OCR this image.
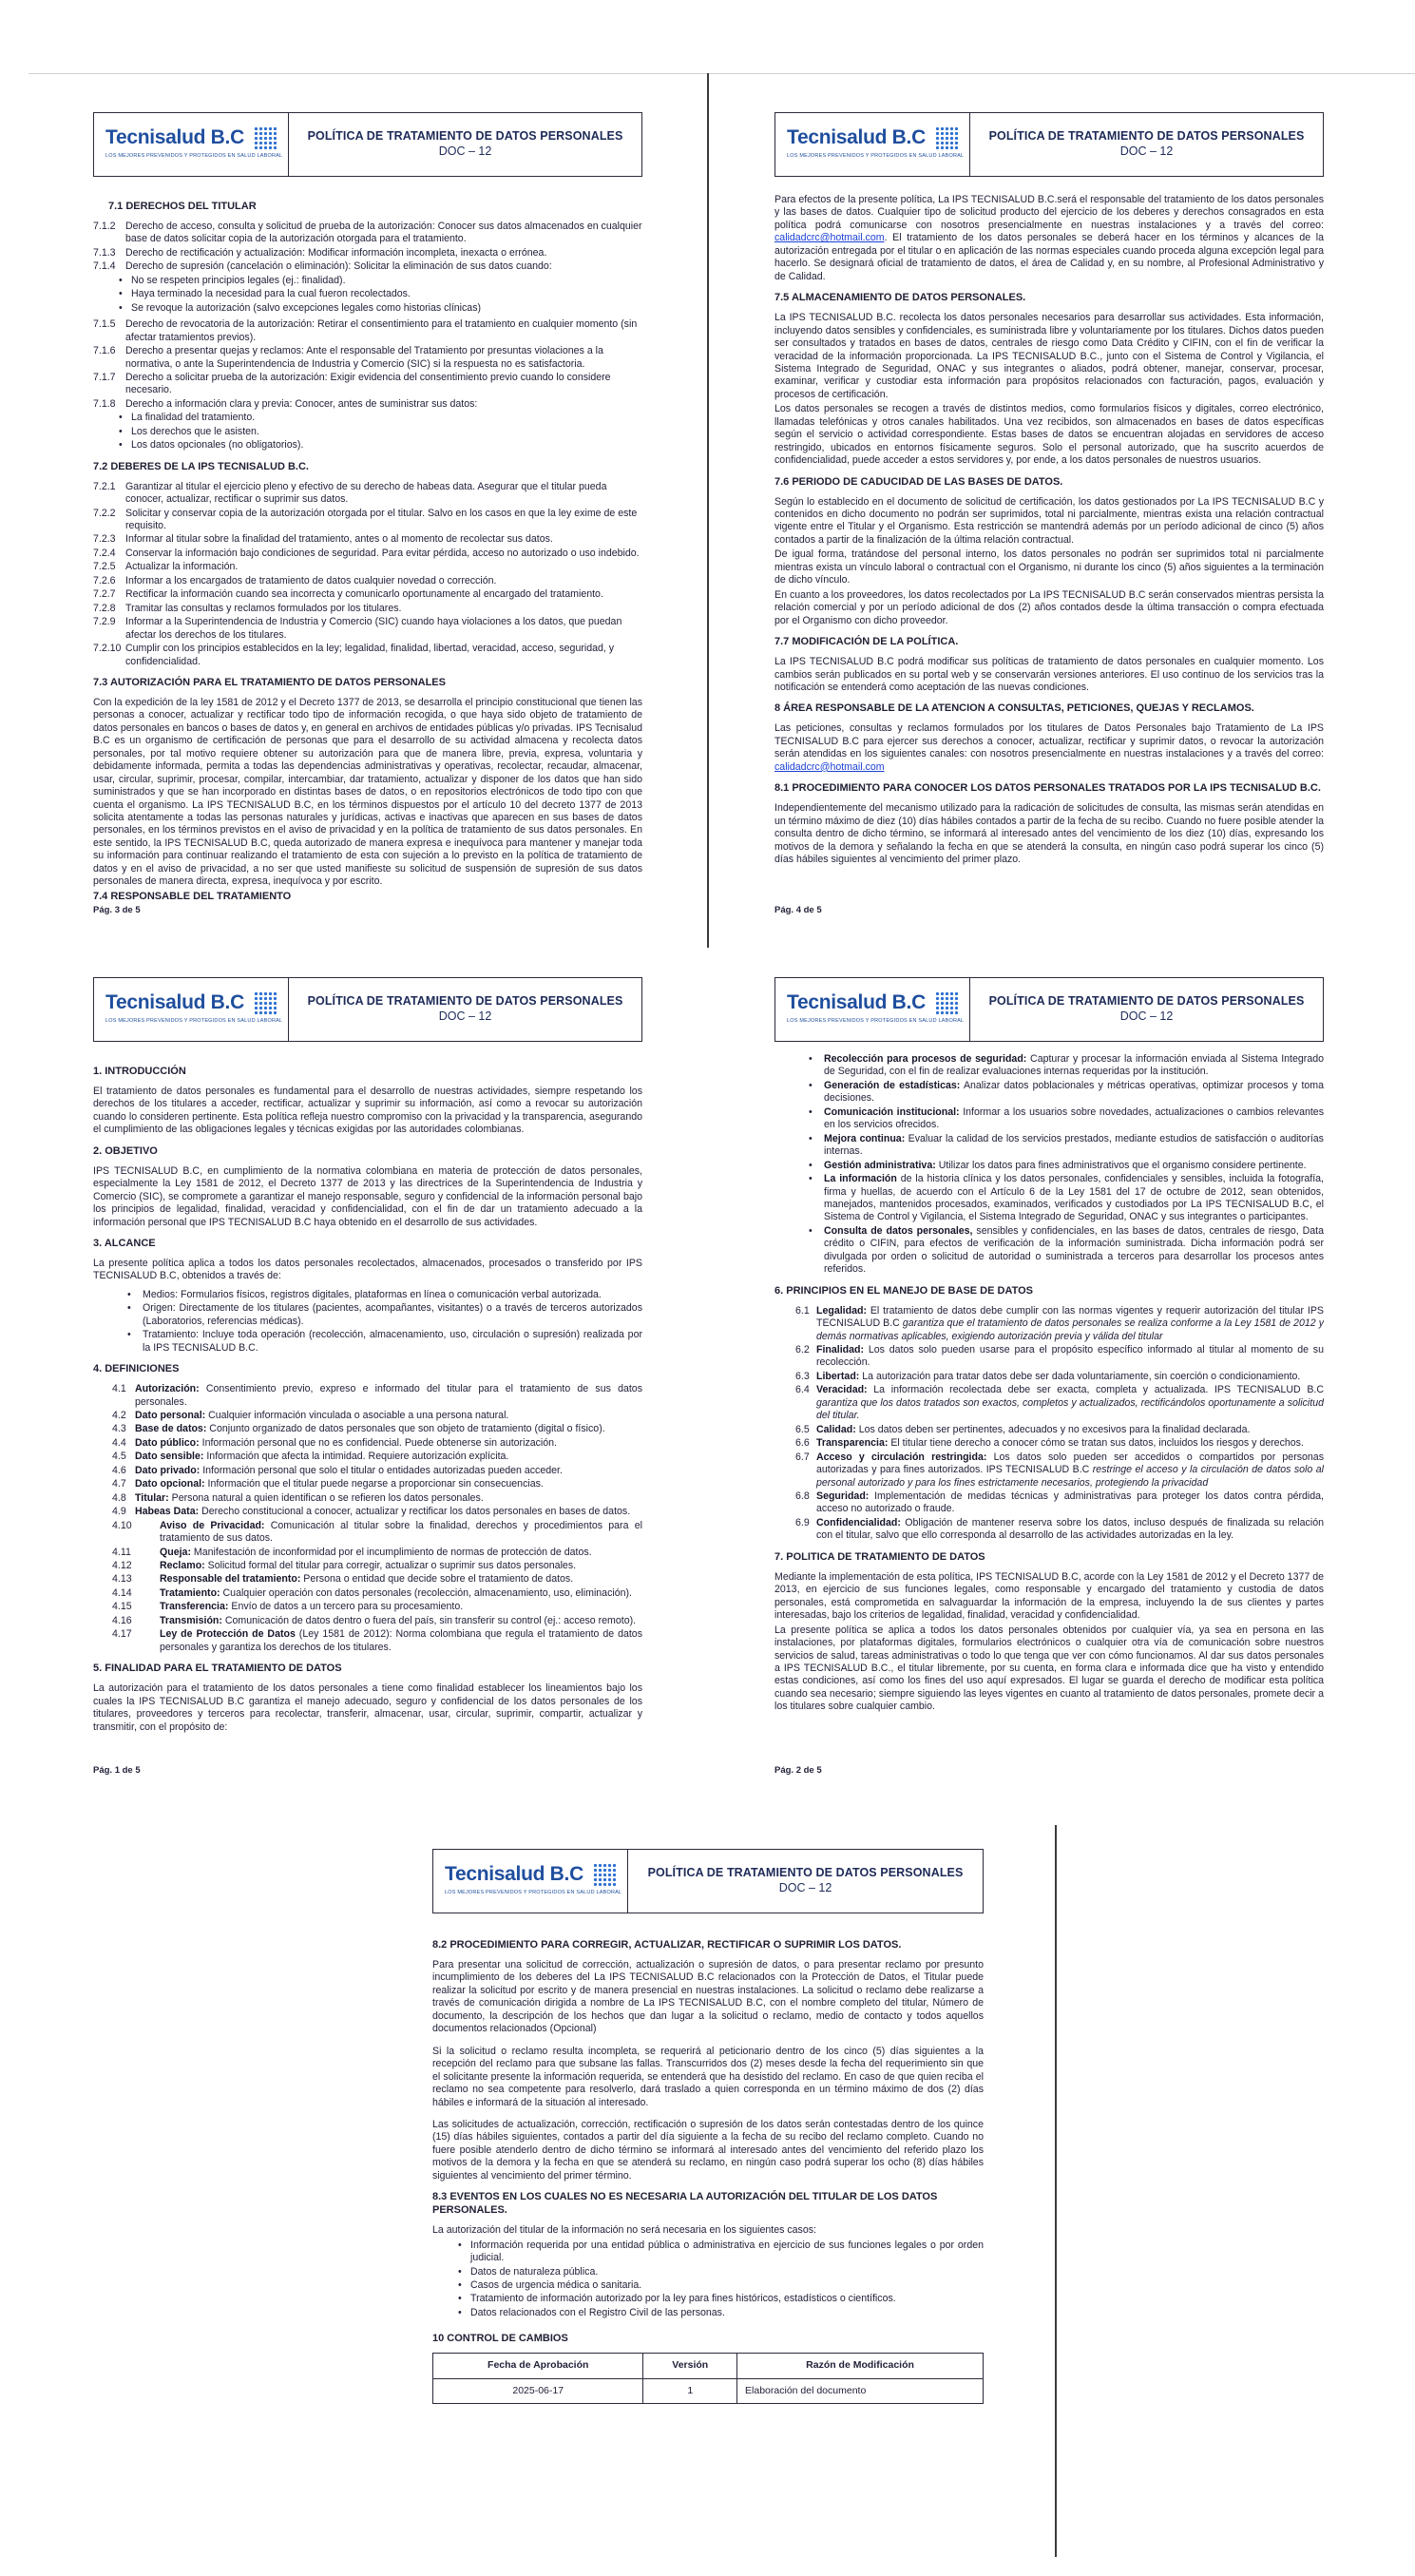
Tecnisalud B.C
LOS MEJORES PREVENIDOS Y PROTEGIDOS EN SALUD LABORAL
POLÍTICA DE TRATAMIENTO DE DATOS PERSONALES
DOC – 12
7.1 DERECHOS DEL TITULAR
7.1.2 Derecho de acceso, consulta y solicitud de prueba de la autorización: Conocer sus datos almacenados en cualquier base de datos solicitar copia de la autorización otorgada para el tratamiento.
7.1.3 Derecho de rectificación y actualización: Modificar información incompleta, inexacta o errónea.
7.1.4 Derecho de supresión (cancelación o eliminación): Solicitar la eliminación de sus datos cuando:
• No se respeten principios legales (ej.: finalidad).
• Haya terminado la necesidad para la cual fueron recolectados.
• Se revoque la autorización (salvo excepciones legales como historias clínicas)
7.1.5 Derecho de revocatoria de la autorización: Retirar el consentimiento para el tratamiento en cualquier momento (sin afectar tratamientos previos).
7.1.6 Derecho a presentar quejas y reclamos: Ante el responsable del Tratamiento por presuntas violaciones a la normativa, o ante la Superintendencia de Industria y Comercio (SIC) si la respuesta no es satisfactoria.
7.1.7 Derecho a solicitar prueba de la autorización: Exigir evidencia del consentimiento previo cuando lo considere necesario.
7.1.8 Derecho a información clara y previa: Conocer, antes de suministrar sus datos:
• La finalidad del tratamiento.
• Los derechos que le asisten.
• Los datos opcionales (no obligatorios).
7.2 DEBERES DE LA IPS TECNISALUD B.C.
7.2.1 Garantizar al titular el ejercicio pleno y efectivo de su derecho de habeas data. Asegurar que el titular pueda conocer, actualizar, rectificar o suprimir sus datos.
7.2.2 Solicitar y conservar copia de la autorización otorgada por el titular. Salvo en los casos en que la ley exime de este requisito.
7.2.3 Informar al titular sobre la finalidad del tratamiento, antes o al momento de recolectar sus datos.
7.2.4 Conservar la información bajo condiciones de seguridad. Para evitar pérdida, acceso no autorizado o uso indebido.
7.2.5 Actualizar la información.
7.2.6 Informar a los encargados de tratamiento de datos cualquier novedad o corrección.
7.2.7 Rectificar la información cuando sea incorrecta y comunicarlo oportunamente al encargado del tratamiento.
7.2.8 Tramitar las consultas y reclamos formulados por los titulares.
7.2.9 Informar a la Superintendencia de Industria y Comercio (SIC) cuando haya violaciones a los datos, que puedan afectar los derechos de los titulares.
7.2.10 Cumplir con los principios establecidos en la ley; legalidad, finalidad, libertad, veracidad, acceso, seguridad, y confidencialidad.
7.3 AUTORIZACIÓN PARA EL TRATAMIENTO DE DATOS PERSONALES
Con la expedición de la ley 1581 de 2012 y el Decreto 1377 de 2013, se desarrolla el principio constitucional que tienen las personas a conocer, actualizar y rectificar todo tipo de información recogida, o que haya sido objeto de tratamiento de datos personales en bancos o bases de datos y, en general en archivos de entidades públicas y/o privadas. IPS Tecnisalud B.C es un organismo de certificación de personas que para el desarrollo de su actividad almacena y recolecta datos personales, por tal motivo requiere obtener su autorización para que de manera libre, previa, expresa, voluntaria y debidamente informada, permita a todas las dependencias administrativas y operativas, recolectar, recaudar, almacenar, usar, circular, suprimir, procesar, compilar, intercambiar, dar tratamiento, actualizar y disponer de los datos que han sido suministrados y que se han incorporado en distintas bases de datos, o en repositorios electrónicos de todo tipo con que cuenta el organismo. La IPS TECNISALUD B.C, en los términos dispuestos por el artículo 10 del decreto 1377 de 2013 solicita atentamente a todas las personas naturales y jurídicas, activas e inactivas que aparecen en sus bases de datos personales, en los términos previstos en el aviso de privacidad y en la política de tratamiento de sus datos personales. En este sentido, la IPS TECNISALUD B.C, queda autorizado de manera expresa e inequívoca para mantener y manejar toda su información para continuar realizando el tratamiento de esta con sujeción a lo previsto en la política de tratamiento de datos y en el aviso de privacidad, a no ser que usted manifieste su solicitud de suspensión de supresión de sus datos personales de manera directa, expresa, inequívoca y por escrito.
7.4 RESPONSABLE DEL TRATAMIENTO
Pág. 3 de 5
Tecnisalud B.C
LOS MEJORES PREVENIDOS Y PROTEGIDOS EN SALUD LABORAL
POLÍTICA DE TRATAMIENTO DE DATOS PERSONALES
DOC – 12
Para efectos de la presente política, La IPS TECNISALUD B.C.será el responsable del tratamiento de los datos personales y las bases de datos. Cualquier tipo de solicitud producto del ejercicio de los deberes y derechos consagrados en esta política podrá comunicarse con nosotros presencialmente en nuestras instalaciones y a través del correo: calidadcrc@hotmail.com. El tratamiento de los datos personales se deberá hacer en los términos y alcances de la autorización entregada por el titular o en aplicación de las normas especiales cuando proceda alguna excepción legal para hacerlo. Se designará oficial de tratamiento de datos, el área de Calidad y, en su nombre, al Profesional Administrativo y de Calidad.
7.5 ALMACENAMIENTO DE DATOS PERSONALES.
La IPS TECNISALUD B.C. recolecta los datos personales necesarios para desarrollar sus actividades. Esta información, incluyendo datos sensibles y confidenciales, es suministrada libre y voluntariamente por los titulares. Dichos datos pueden ser consultados y tratados en bases de datos, centrales de riesgo como Data Crédito y CIFIN, con el fin de verificar la veracidad de la información proporcionada. La IPS TECNISALUD B.C., junto con el Sistema de Control y Vigilancia, el Sistema Integrado de Seguridad, ONAC y sus integrantes o aliados, podrá obtener, manejar, conservar, procesar, examinar, verificar y custodiar esta información para propósitos relacionados con facturación, pagos, evaluación y procesos de certificación.
Los datos personales se recogen a través de distintos medios, como formularios físicos y digitales, correo electrónico, llamadas telefónicas y otros canales habilitados. Una vez recibidos, son almacenados en bases de datos específicas según el servicio o actividad correspondiente. Estas bases de datos se encuentran alojadas en servidores de acceso restringido, ubicados en entornos físicamente seguros. Solo el personal autorizado, que ha suscrito acuerdos de confidencialidad, puede acceder a estos servidores y, por ende, a los datos personales de nuestros usuarios.
7.6 PERIODO DE CADUCIDAD DE LAS BASES DE DATOS.
Según lo establecido en el documento de solicitud de certificación, los datos gestionados por La IPS TECNISALUD B.C y contenidos en dicho documento no podrán ser suprimidos, total ni parcialmente, mientras exista una relación contractual vigente entre el Titular y el Organismo. Esta restricción se mantendrá además por un período adicional de cinco (5) años contados a partir de la finalización de la última relación contractual.
De igual forma, tratándose del personal interno, los datos personales no podrán ser suprimidos total ni parcialmente mientras exista un vínculo laboral o contractual con el Organismo, ni durante los cinco (5) años siguientes a la terminación de dicho vínculo.
En cuanto a los proveedores, los datos recolectados por La IPS TECNISALUD B.C serán conservados mientras persista la relación comercial y por un período adicional de dos (2) años contados desde la última transacción o compra efectuada por el Organismo con dicho proveedor.
7.7 MODIFICACIÓN DE LA POLÍTICA.
La IPS TECNISALUD B.C podrá modificar sus políticas de tratamiento de datos personales en cualquier momento. Los cambios serán publicados en su portal web y se conservarán versiones anteriores. El uso continuo de los servicios tras la notificación se entenderá como aceptación de las nuevas condiciones.
8 ÁREA RESPONSABLE DE LA ATENCION A CONSULTAS, PETICIONES, QUEJAS Y RECLAMOS.
Las peticiones, consultas y reclamos formulados por los titulares de Datos Personales bajo Tratamiento de La IPS TECNISALUD B.C para ejercer sus derechos a conocer, actualizar, rectificar y suprimir datos, o revocar la autorización serán atendidas en los siguientes canales: con nosotros presencialmente en nuestras instalaciones y a través del correo: calidadcrc@hotmail.com
8.1 PROCEDIMIENTO PARA CONOCER LOS DATOS PERSONALES TRATADOS POR LA IPS TECNISALUD B.C.
Independientemente del mecanismo utilizado para la radicación de solicitudes de consulta, las mismas serán atendidas en un término máximo de diez (10) días hábiles contados a partir de la fecha de su recibo. Cuando no fuere posible atender la consulta dentro de dicho término, se informará al interesado antes del vencimiento de los diez (10) días, expresando los motivos de la demora y señalando la fecha en que se atenderá la consulta, en ningún caso podrá superar los cinco (5) días hábiles siguientes al vencimiento del primer plazo.
Pág. 4 de 5
Tecnisalud B.C
LOS MEJORES PREVENIDOS Y PROTEGIDOS EN SALUD LABORAL
POLÍTICA DE TRATAMIENTO DE DATOS PERSONALES
DOC – 12
1. INTRODUCCIÓN
El tratamiento de datos personales es fundamental para el desarrollo de nuestras actividades, siempre respetando los derechos de los titulares a acceder, rectificar, actualizar y suprimir su información, así como a revocar su autorización cuando lo consideren pertinente. Esta política refleja nuestro compromiso con la privacidad y la transparencia, asegurando el cumplimiento de las obligaciones legales y técnicas exigidas por las autoridades colombianas.
2. OBJETIVO
IPS TECNISALUD B.C, en cumplimiento de la normativa colombiana en materia de protección de datos personales, especialmente la Ley 1581 de 2012, el Decreto 1377 de 2013 y las directrices de la Superintendencia de Industria y Comercio (SIC), se compromete a garantizar el manejo responsable, seguro y confidencial de la información personal bajo los principios de legalidad, finalidad, veracidad y confidencialidad, con el fin de dar un tratamiento adecuado a la información personal que IPS TECNISALUD B.C haya obtenido en el desarrollo de sus actividades.
3. ALCANCE
La presente política aplica a todos los datos personales recolectados, almacenados, procesados o transferido por IPS TECNISALUD B.C, obtenidos a través de:
• Medios: Formularios físicos, registros digitales, plataformas en línea o comunicación verbal autorizada.
• Origen: Directamente de los titulares (pacientes, acompañantes, visitantes) o a través de terceros autorizados (Laboratorios, referencias médicas).
• Tratamiento: Incluye toda operación (recolección, almacenamiento, uso, circulación o supresión) realizada por la IPS TECNISALUD B.C.
4. DEFINICIONES
4.1 Autorización: Consentimiento previo, expreso e informado del titular para el tratamiento de sus datos personales.
4.2 Dato personal: Cualquier información vinculada o asociable a una persona natural.
4.3 Base de datos: Conjunto organizado de datos personales que son objeto de tratamiento (digital o físico).
4.4 Dato público: Información personal que no es confidencial. Puede obtenerse sin autorización.
4.5 Dato sensible: Información que afecta la intimidad. Requiere autorización explícita.
4.6 Dato privado: Información personal que solo el titular o entidades autorizadas pueden acceder.
4.7 Dato opcional: Información que el titular puede negarse a proporcionar sin consecuencias.
4.8 Titular: Persona natural a quien identifican o se refieren los datos personales.
4.9 Habeas Data: Derecho constitucional a conocer, actualizar y rectificar los datos personales en bases de datos.
4.10	Aviso de Privacidad: Comunicación al titular sobre la finalidad, derechos y procedimientos para el tratamiento de sus datos.
4.11	Queja: Manifestación de inconformidad por el incumplimiento de normas de protección de datos.
4.12	Reclamo: Solicitud formal del titular para corregir, actualizar o suprimir sus datos personales.
4.13	Responsable del tratamiento: Persona o entidad que decide sobre el tratamiento de datos.
4.14	Tratamiento: Cualquier operación con datos personales (recolección, almacenamiento, uso, eliminación).
4.15	Transferencia: Envío de datos a un tercero para su procesamiento.
4.16	Transmisión: Comunicación de datos dentro o fuera del país, sin transferir su control (ej.: acceso remoto).
4.17	Ley de Protección de Datos (Ley 1581 de 2012): Norma colombiana que regula el tratamiento de datos personales y garantiza los derechos de los titulares.
5. FINALIDAD PARA EL TRATAMIENTO DE DATOS
La autorización para el tratamiento de los datos personales a tiene como finalidad establecer los lineamientos bajo los cuales la IPS TECNISALUD B.C garantiza el manejo adecuado, seguro y confidencial de los datos personales de los titulares, proveedores y terceros para recolectar, transferir, almacenar, usar, circular, suprimir, compartir, actualizar y transmitir, con el propósito de:
Pág. 1 de 5
Tecnisalud B.C
LOS MEJORES PREVENIDOS Y PROTEGIDOS EN SALUD LABORAL
POLÍTICA DE TRATAMIENTO DE DATOS PERSONALES
DOC – 12
• Recolección para procesos de seguridad: Capturar y procesar la información enviada al Sistema Integrado de Seguridad, con el fin de realizar evaluaciones internas requeridas por la institución.
• Generación de estadísticas: Analizar datos poblacionales y métricas operativas, optimizar procesos y toma decisiones.
• Comunicación institucional: Informar a los usuarios sobre novedades, actualizaciones o cambios relevantes en los servicios ofrecidos.
• Mejora continua: Evaluar la calidad de los servicios prestados, mediante estudios de satisfacción o auditorías internas.
• Gestión administrativa: Utilizar los datos para fines administrativos que el organismo considere pertinente.
• La información de la historia clínica y los datos personales, confidenciales y sensibles, incluida la fotografía, firma y huellas, de acuerdo con el Artículo 6 de la Ley 1581 del 17 de octubre de 2012, sean obtenidos, manejados, mantenidos procesados, examinados, verificados y custodiados por La IPS TECNISALUD B.C, el Sistema de Control y Vigilancia, el Sistema Integrado de Seguridad, ONAC y sus integrantes o participantes.
• Consulta de datos personales, sensibles y confidenciales, en las bases de datos, centrales de riesgo, Data crédito o CIFIN, para efectos de verificación de la información suministrada. Dicha información podrá ser divulgada por orden o solicitud de autoridad o suministrada a terceros para desarrollar los procesos antes referidos.
6. PRINCIPIOS EN EL MANEJO DE BASE DE DATOS
6.1 Legalidad: El tratamiento de datos debe cumplir con las normas vigentes y requerir autorización del titular IPS TECNISALUD B.C garantiza que el tratamiento de datos personales se realiza conforme a la Ley 1581 de 2012 y demás normativas aplicables, exigiendo autorización previa y válida del titular
6.2 Finalidad: Los datos solo pueden usarse para el propósito específico informado al titular al momento de su recolección.
6.3 Libertad: La autorización para tratar datos debe ser dada voluntariamente, sin coerción o condicionamiento.
6.4 Veracidad: La información recolectada debe ser exacta, completa y actualizada. IPS TECNISALUD B.C garantiza que los datos tratados son exactos, completos y actualizados, rectificándolos oportunamente a solicitud del titular.
6.5 Calidad: Los datos deben ser pertinentes, adecuados y no excesivos para la finalidad declarada.
6.6 Transparencia: El titular tiene derecho a conocer cómo se tratan sus datos, incluidos los riesgos y derechos.
6.7 Acceso y circulación restringida: Los datos solo pueden ser accedidos o compartidos por personas autorizadas y para fines autorizados. IPS TECNISALUD B.C restringe el acceso y la circulación de datos solo al personal autorizado y para los fines estrictamente necesarios, protegiendo la privacidad
6.8 Seguridad: Implementación de medidas técnicas y administrativas para proteger los datos contra pérdida, acceso no autorizado o fraude.
6.9 Confidencialidad: Obligación de mantener reserva sobre los datos, incluso después de finalizada su relación con el titular, salvo que ello corresponda al desarrollo de las actividades autorizadas en la ley.
7. POLITICA DE TRATAMIENTO DE DATOS
Mediante la implementación de esta política, IPS TECNISALUD B.C, acorde con la Ley 1581 de 2012 y el Decreto 1377 de 2013, en ejercicio de sus funciones legales, como responsable y encargado del tratamiento y custodia de datos personales, está comprometida en salvaguardar la información de la empresa, incluyendo la de sus clientes y partes interesadas, bajo los criterios de legalidad, finalidad, veracidad y confidencialidad.
La presente política se aplica a todos los datos personales obtenidos por cualquier vía, ya sea en persona en las instalaciones, por plataformas digitales, formularios electrónicos o cualquier otra vía de comunicación sobre nuestros servicios de salud, tareas administrativas o todo lo que tenga que ver con cómo funcionamos. Al dar sus datos personales a IPS TECNISALUD B.C., el titular libremente, por su cuenta, en forma clara e informada dice que ha visto y entendido estas condiciones, así como los fines del uso aquí expresados. El lugar se guarda el derecho de modificar esta política cuando sea necesario; siempre siguiendo las leyes vigentes en cuanto al tratamiento de datos personales, promete decir a los titulares sobre cualquier cambio.
Pág. 2 de 5
Tecnisalud B.C
LOS MEJORES PREVENIDOS Y PROTEGIDOS EN SALUD LABORAL
POLÍTICA DE TRATAMIENTO DE DATOS PERSONALES
DOC – 12
8.2 PROCEDIMIENTO PARA CORREGIR, ACTUALIZAR, RECTIFICAR O SUPRIMIR LOS DATOS.
Para presentar una solicitud de corrección, actualización o supresión de datos, o para presentar reclamo por presunto incumplimiento de los deberes del La IPS TECNISALUD B.C relacionados con la Protección de Datos, el Titular puede realizar la solicitud por escrito y de manera presencial en nuestras instalaciones. La solicitud o reclamo debe realizarse a través de comunicación dirigida a nombre de La IPS TECNISALUD B.C, con el nombre completo del titular, Número de documento, la descripción de los hechos que dan lugar a la solicitud o reclamo, medio de contacto y todos aquellos documentos relacionados (Opcional)
Si la solicitud o reclamo resulta incompleta, se requerirá al peticionario dentro de los cinco (5) días siguientes a la recepción del reclamo para que subsane las fallas. Transcurridos dos (2) meses desde la fecha del requerimiento sin que el solicitante presente la información requerida, se entenderá que ha desistido del reclamo. En caso de que quien reciba el reclamo no sea competente para resolverlo, dará traslado a quien corresponda en un término máximo de dos (2) días hábiles e informará de la situación al interesado.
Las solicitudes de actualización, corrección, rectificación o supresión de los datos serán contestadas dentro de los quince (15) días hábiles siguientes, contados a partir del día siguiente a la fecha de su recibo del reclamo completo. Cuando no fuere posible atenderlo dentro de dicho término se informará al interesado antes del vencimiento del referido plazo los motivos de la demora y la fecha en que se atenderá su reclamo, en ningún caso podrá superar los ocho (8) días hábiles siguientes al vencimiento del primer término.
8.3 EVENTOS EN LOS CUALES NO ES NECESARIA LA AUTORIZACIÓN DEL TITULAR DE LOS DATOS PERSONALES.
La autorización del titular de la información no será necesaria en los siguientes casos:
• Información requerida por una entidad pública o administrativa en ejercicio de sus funciones legales o por orden judicial.
• Datos de naturaleza pública.
• Casos de urgencia médica o sanitaria.
• Tratamiento de información autorizado por la ley para fines históricos, estadísticos o científicos.
• Datos relacionados con el Registro Civil de las personas.
10 CONTROL DE CAMBIOS
Fecha de Aprobación	Versión	Razón de Modificación
2025-06-17	1	Elaboración del documento
